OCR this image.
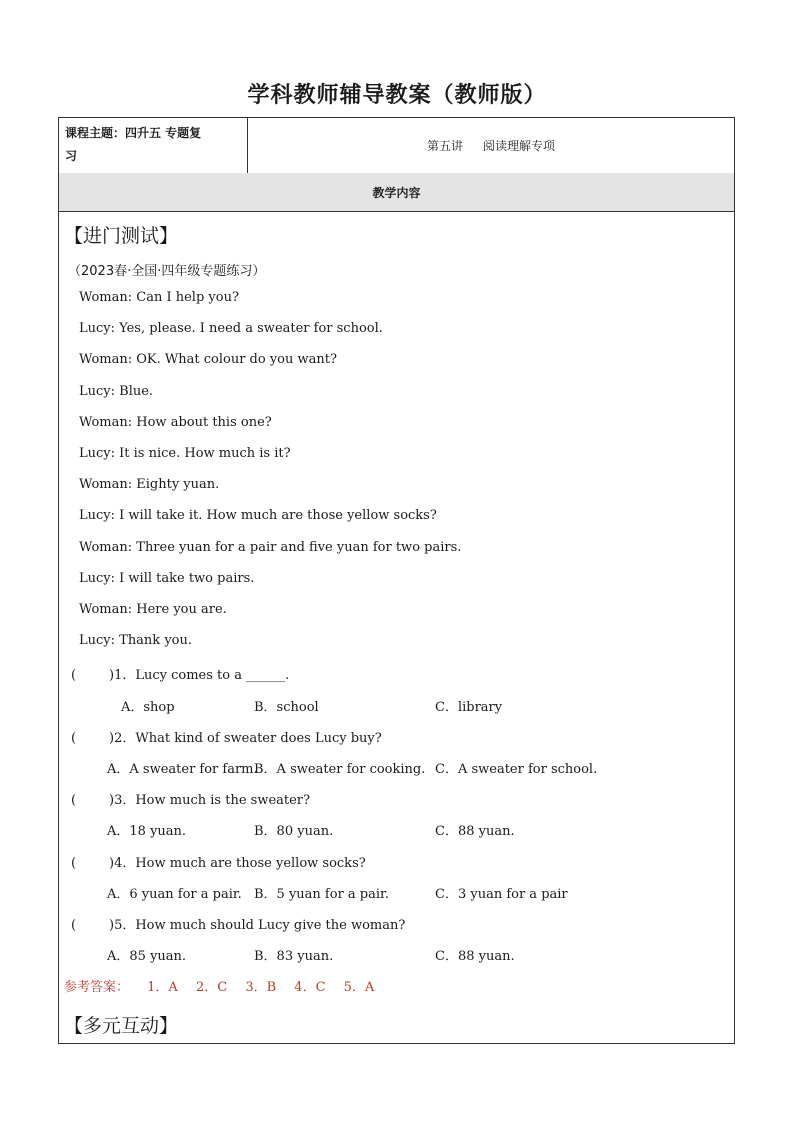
学科教师辅导教案（教师版）
课程主题：四升五 专题复
习
第五讲 阅读理解专项
教学内容
【进门测试】
（2023春·全国·四年级专题练习）
Woman: Can I help you?
Lucy: Yes, please. I need a sweater for school.
Woman: OK. What colour do you want?
Lucy: Blue.
Woman: How about this one?
Lucy: It is nice. How much is it?
Woman: Eighty yuan.
Lucy: I will take it. How much are those yellow socks?
Woman: Three yuan for a pair and five yuan for two pairs.
Lucy: I will take two pairs.
Woman: Here you are.
Lucy: Thank you.
(	)1．Lucy comes to a ______.
A．shop	B．school	C．library
(	)2．What kind of sweater does Lucy buy?
A．A sweater for farm.
B．A sweater for cooking. C．A sweater for school.
(	)3．How much is the sweater?
A．18 yuan.	B．80 yuan.	C．88 yuan.
(	)4．How much are those yellow socks?
A．6 yuan for a pair. B．5 yuan for a pair.	C．3 yuan for a pair
(	)5．How much should Lucy give the woman?
A．85 yuan.	B．83 yuan.	C．88 yuan.
参考答案： 1．A 2．C 3．B 4．C 5．A
【多元互动】
